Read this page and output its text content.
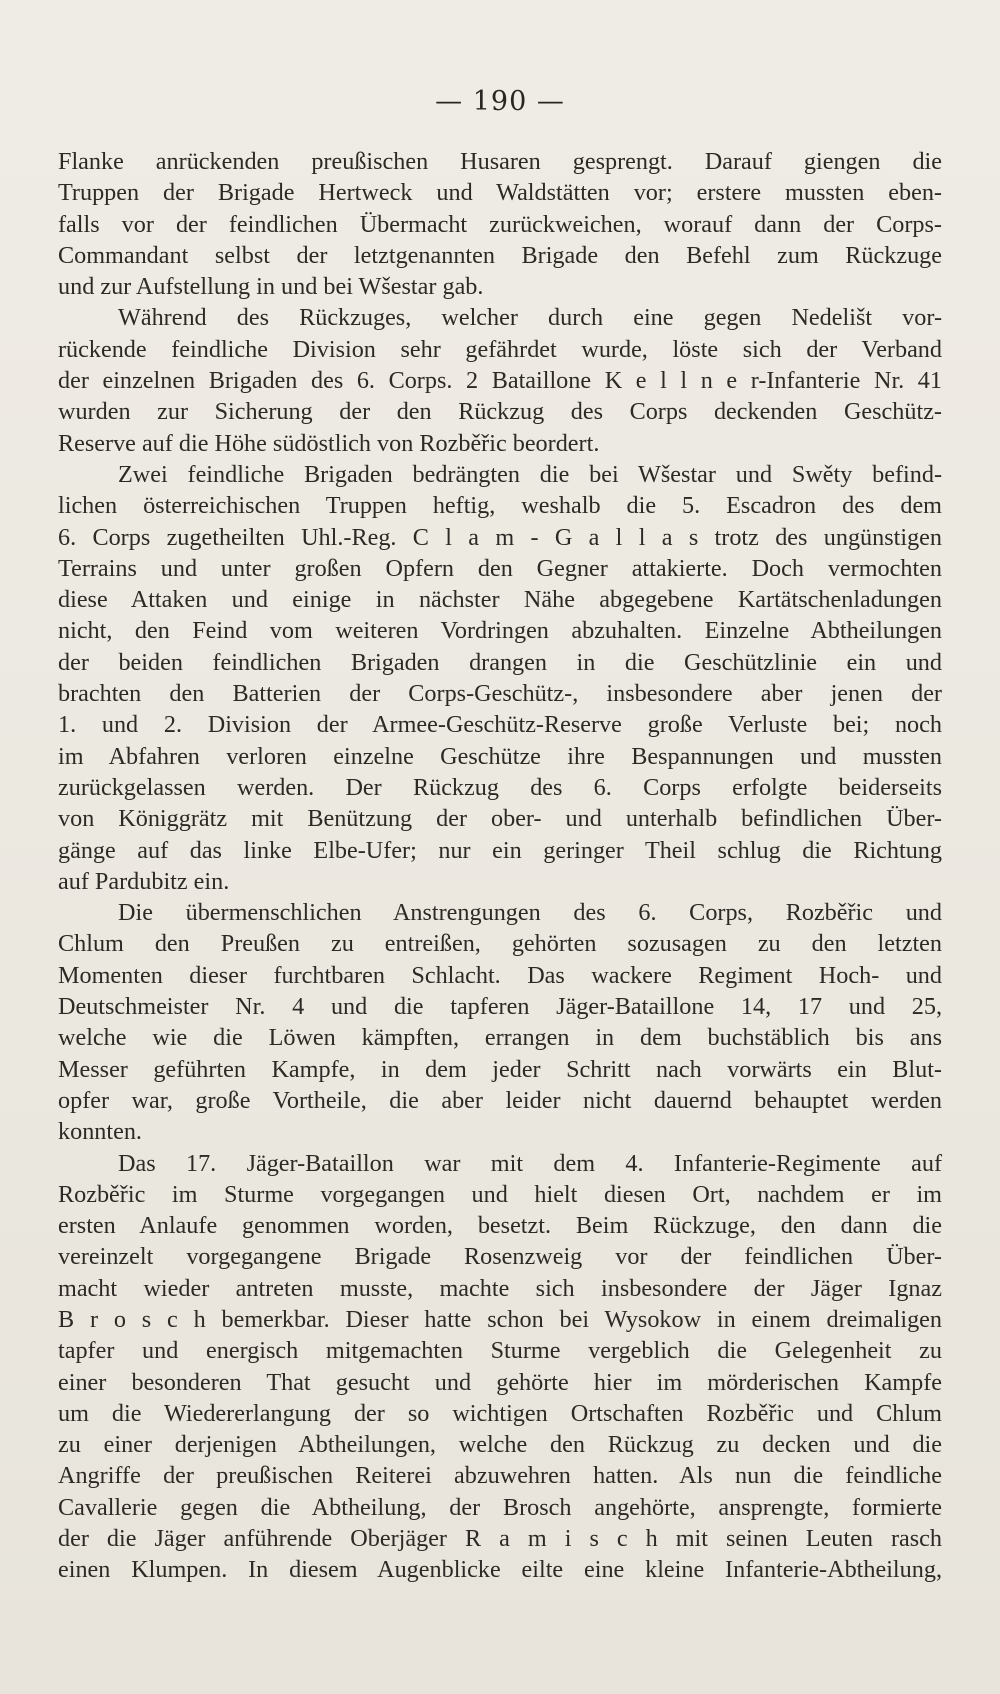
— 190 —
Flanke anrückenden preußischen Husaren gesprengt. Darauf giengen die
Truppen der Brigade Hertweck und Waldstätten vor; erstere mussten eben-
falls vor der feindlichen Übermacht zurückweichen, worauf dann der Corps-
Commandant selbst der letztgenannten Brigade den Befehl zum Rückzuge
und zur Aufstellung in und bei Wšestar gab.
Während des Rückzuges, welcher durch eine gegen Nedelišt vor-
rückende feindliche Division sehr gefährdet wurde, löste sich der Verband
der einzelnen Brigaden des 6. Corps. 2 Bataillone K e l l n e r-Infanterie Nr. 41
wurden zur Sicherung der den Rückzug des Corps deckenden Geschütz-
Reserve auf die Höhe südöstlich von Rozběřic beordert.
Zwei feindliche Brigaden bedrängten die bei Wšestar und Swěty befind-
lichen österreichischen Truppen heftig, weshalb die 5. Escadron des dem
6. Corps zugetheilten Uhl.-Reg. C l a m - G a l l a s trotz des ungünstigen
Terrains und unter großen Opfern den Gegner attakierte. Doch vermochten
diese Attaken und einige in nächster Nähe abgegebene Kartätschenladungen
nicht, den Feind vom weiteren Vordringen abzuhalten. Einzelne Abtheilungen
der beiden feindlichen Brigaden drangen in die Geschützlinie ein und
brachten den Batterien der Corps-Geschütz-, insbesondere aber jenen der
1. und 2. Division der Armee-Geschütz-Reserve große Verluste bei; noch
im Abfahren verloren einzelne Geschütze ihre Bespannungen und mussten
zurückgelassen werden. Der Rückzug des 6. Corps erfolgte beiderseits
von Königgrätz mit Benützung der ober- und unterhalb befindlichen Über-
gänge auf das linke Elbe-Ufer; nur ein geringer Theil schlug die Richtung
auf Pardubitz ein.
Die übermenschlichen Anstrengungen des 6. Corps, Rozběřic und
Chlum den Preußen zu entreißen, gehörten sozusagen zu den letzten
Momenten dieser furchtbaren Schlacht. Das wackere Regiment Hoch- und
Deutschmeister Nr. 4 und die tapferen Jäger-Bataillone 14, 17 und 25,
welche wie die Löwen kämpften, errangen in dem buchstäblich bis ans
Messer geführten Kampfe, in dem jeder Schritt nach vorwärts ein Blut-
opfer war, große Vortheile, die aber leider nicht dauernd behauptet werden
konnten.
Das 17. Jäger-Bataillon war mit dem 4. Infanterie-Regimente auf
Rozběřic im Sturme vorgegangen und hielt diesen Ort, nachdem er im
ersten Anlaufe genommen worden, besetzt. Beim Rückzuge, den dann die
vereinzelt vorgegangene Brigade Rosenzweig vor der feindlichen Über-
macht wieder antreten musste, machte sich insbesondere der Jäger Ignaz
B r o s c h bemerkbar. Dieser hatte schon bei Wysokow in einem dreimaligen
tapfer und energisch mitgemachten Sturme vergeblich die Gelegenheit zu
einer besonderen That gesucht und gehörte hier im mörderischen Kampfe
um die Wiedererlangung der so wichtigen Ortschaften Rozběřic und Chlum
zu einer derjenigen Abtheilungen, welche den Rückzug zu decken und die
Angriffe der preußischen Reiterei abzuwehren hatten. Als nun die feindliche
Cavallerie gegen die Abtheilung, der Brosch angehörte, ansprengte, formierte
der die Jäger anführende Oberjäger R a m i s c h mit seinen Leuten rasch
einen Klumpen. In diesem Augenblicke eilte eine kleine Infanterie-Abtheilung,
